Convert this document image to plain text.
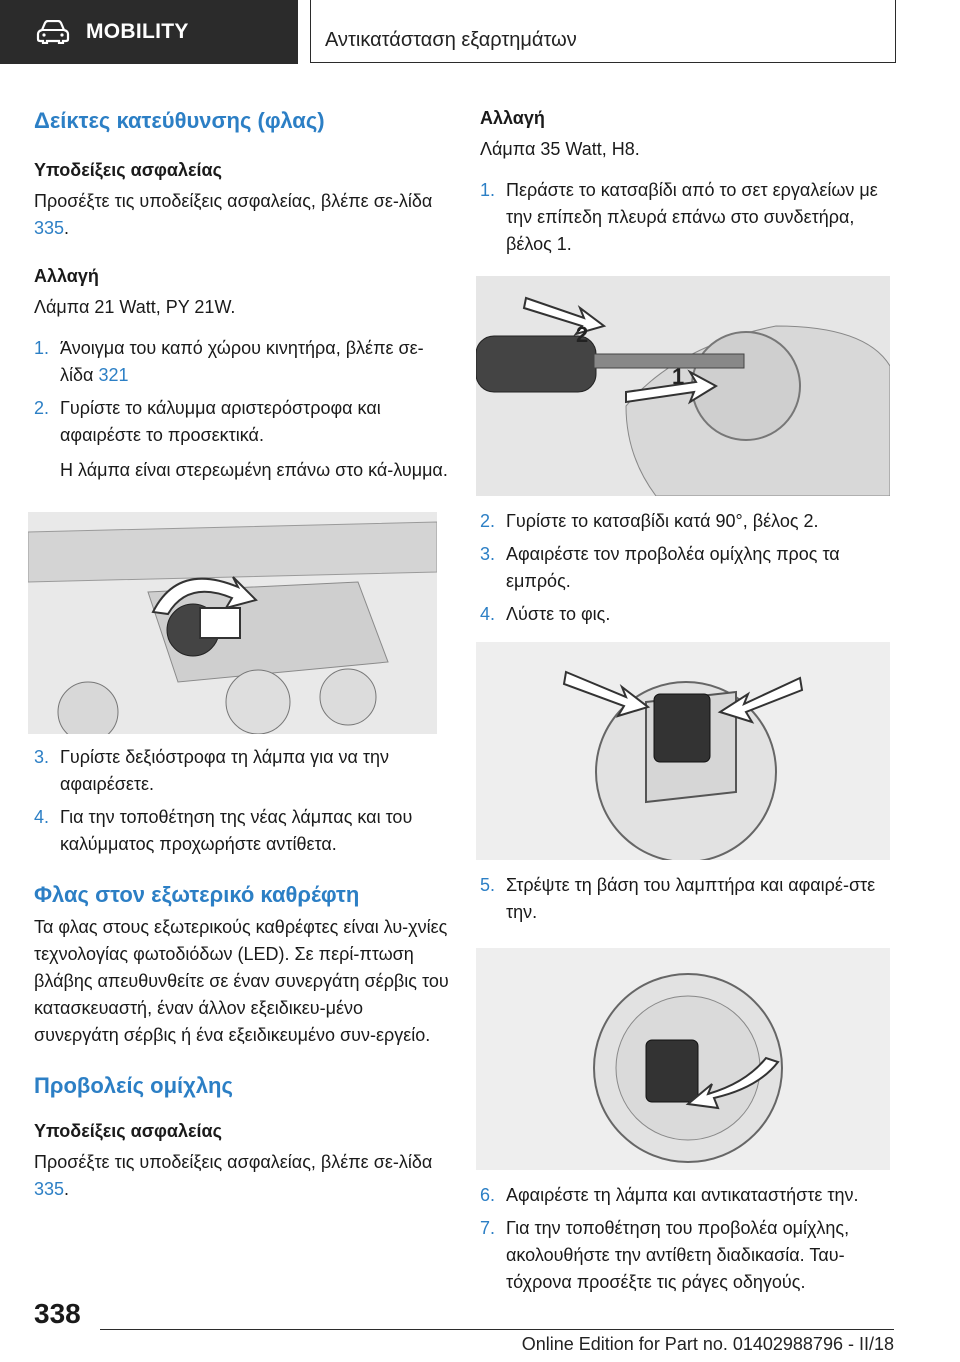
MOBILITY	Αντικατάσταση εξαρτημάτων
Δείκτες κατεύθυνσης (φλας)
Υποδείξεις ασφαλείας

Προσέξτε τις υποδείξεις ασφαλείας, βλέπε σε-λίδα 335.

Αλλαγή

Λάμπα 21 Watt, PY 21W.

1. Άνοιγμα του καπό χώρου κινητήρα, βλέπε σε-λίδα 321
2. Γυρίστε το κάλυμμα αριστερόστροφα και αφαιρέστε το προσεκτικά.
Η λάμπα είναι στερεωμένη επάνω στο κά-λυμμα.
3. Γυρίστε δεξιόστροφα τη λάμπα για να την αφαιρέσετε.
4. Για την τοποθέτηση της νέας λάμπας και του καλύμματος προχωρήστε αντίθετα.
Φλας στον εξωτερικό καθρέφτη

Τα φλας στους εξωτερικούς καθρέφτες είναι λυ-χνίες τεχνολογίας φωτοδιόδων (LED). Σε περί-πτωση βλάβης απευθυνθείτε σε έναν συνεργάτη σέρβις του κατασκευαστή, έναν άλλον εξειδικευ-μένο συνεργάτη σέρβις ή ένα εξειδικευμένο συν-εργείο.

Προβολείς ομίχλης
Υποδείξεις ασφαλείας

Προσέξτε τις υποδείξεις ασφαλείας, βλέπε σε-λίδα 335.

Αλλαγή

Λάμπα 35 Watt, H8.

1. Περάστε το κατσαβίδι από το σετ εργαλείων με την επίπεδη πλευρά επάνω στο συνδετήρα, βέλος 1.
2
1
2. Γυρίστε το κατσαβίδι κατά 90°, βέλος 2.
3. Αφαιρέστε τον προβολέα ομίχλης προς τα εμπρός.
4. Λύστε το φις.
5. Στρέψτε τη βάση του λαμπτήρα και αφαιρέ-στε την.
6. Αφαιρέστε τη λάμπα και αντικαταστήστε την.
7. Για την τοποθέτηση του προβολέα ομίχλης, ακολουθήστε την αντίθετη διαδικασία. Ταυ-τόχρονα προσέξτε τις ράγες οδηγούς.
338
Online Edition for Part no. 01402988796 - II/18
